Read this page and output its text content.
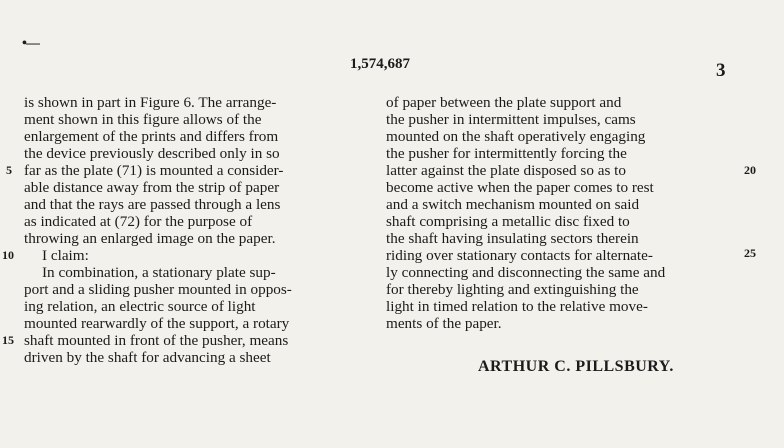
•—
1,574,687	3
is shown in part in Figure 6. The arrange-
ment shown in this figure allows of the
enlargement of the prints and differs from
the device previously described only in so
far as the plate (71) is mounted a consider-
able distance away from the strip of paper
and that the rays are passed through a lens
as indicated at (72) for the purpose of
throwing an enlarged image on the paper.
I claim:
In combination, a stationary plate sup-
port and a sliding pusher mounted in oppos-
ing relation, an electric source of light
mounted rearwardly of the support, a rotary
shaft mounted in front of the pusher, means
driven by the shaft for advancing a sheet
of paper between the plate support and
the pusher in intermittent impulses, cams
mounted on the shaft operatively engaging
the pusher for intermittently forcing the
latter against the plate disposed so as to
become active when the paper comes to rest
and a switch mechanism mounted on said
shaft comprising a metallic disc fixed to
the shaft having insulating sectors therein
riding over stationary contacts for alternate-
ly connecting and disconnecting the same and
for thereby lighting and extinguishing the
light in timed relation to the relative move-
ments of the paper.
5
10
15
20
25
ARTHUR C. PILLSBURY.
